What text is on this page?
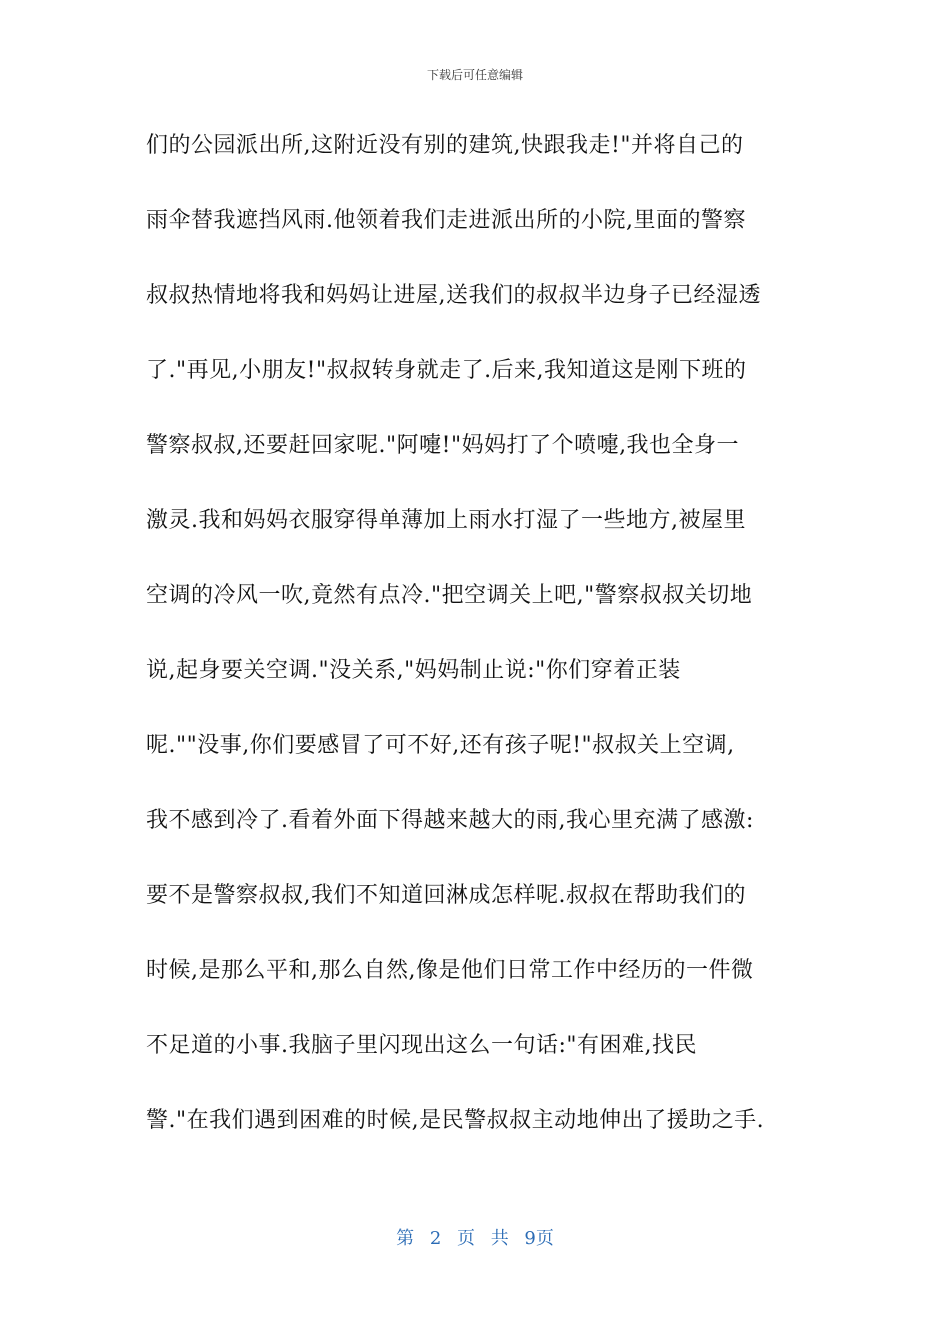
下载后可任意编辑
们的公园派出所,这附近没有别的建筑,快跟我走!"并将自己的
雨伞替我遮挡风雨.他领着我们走进派出所的小院,里面的警察
叔叔热情地将我和妈妈让进屋,送我们的叔叔半边身子已经湿透
了."再见,小朋友!"叔叔转身就走了.后来,我知道这是刚下班的
警察叔叔,还要赶回家呢."阿嚏!"妈妈打了个喷嚏,我也全身一
激灵.我和妈妈衣服穿得单薄加上雨水打湿了一些地方,被屋里
空调的冷风一吹,竟然有点冷."把空调关上吧,"警察叔叔关切地
说,起身要关空调."没关系,"妈妈制止说:"你们穿着正装
呢.""没事,你们要感冒了可不好,还有孩子呢!"叔叔关上空调,
我不感到冷了.看着外面下得越来越大的雨,我心里充满了感激:
要不是警察叔叔,我们不知道回淋成怎样呢.叔叔在帮助我们的
时候,是那么平和,那么自然,像是他们日常工作中经历的一件微
不足道的小事.我脑子里闪现出这么一句话:"有困难,找民
警."在我们遇到困难的时候,是民警叔叔主动地伸出了援助之手.
第 2 页 共 9页
